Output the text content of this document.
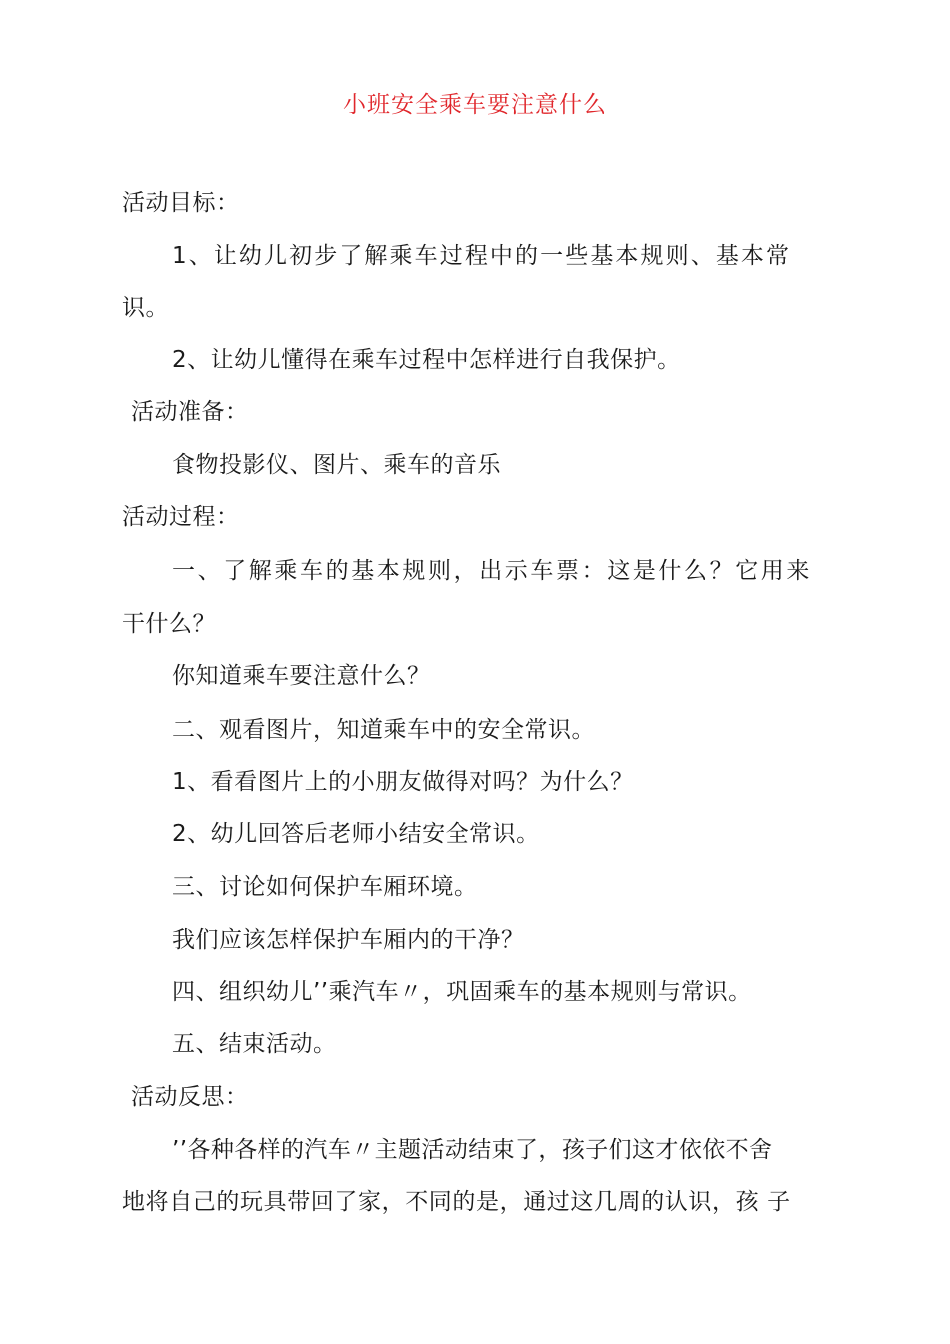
小班安全乘车要注意什么
活动目标：
1、让幼儿初步了解乘车过程中的一些基本规则、基本常
识。
2、让幼儿懂得在乘车过程中怎样进行自我保护。
活动准备：
食物投影仪、图片、乘车的音乐
活动过程：
一、了解乘车的基本规则，出示车票：这是什么？它用来
干什么？
你知道乘车要注意什么？
二、观看图片，知道乘车中的安全常识。
1、看看图片上的小朋友做得对吗？为什么？
2、幼儿回答后老师小结安全常识。
三、讨论如何保护车厢环境。
我们应该怎样保护车厢内的干净？
四、组织幼儿’’乘汽车〃，巩固乘车的基本规则与常识。
五、结束活动。
活动反思：
’’各种各样的汽车〃主题活动结束了，孩子们这才依依不舍
地将自己的玩具带回了家，不同的是，通过这几周的认识，孩 子
